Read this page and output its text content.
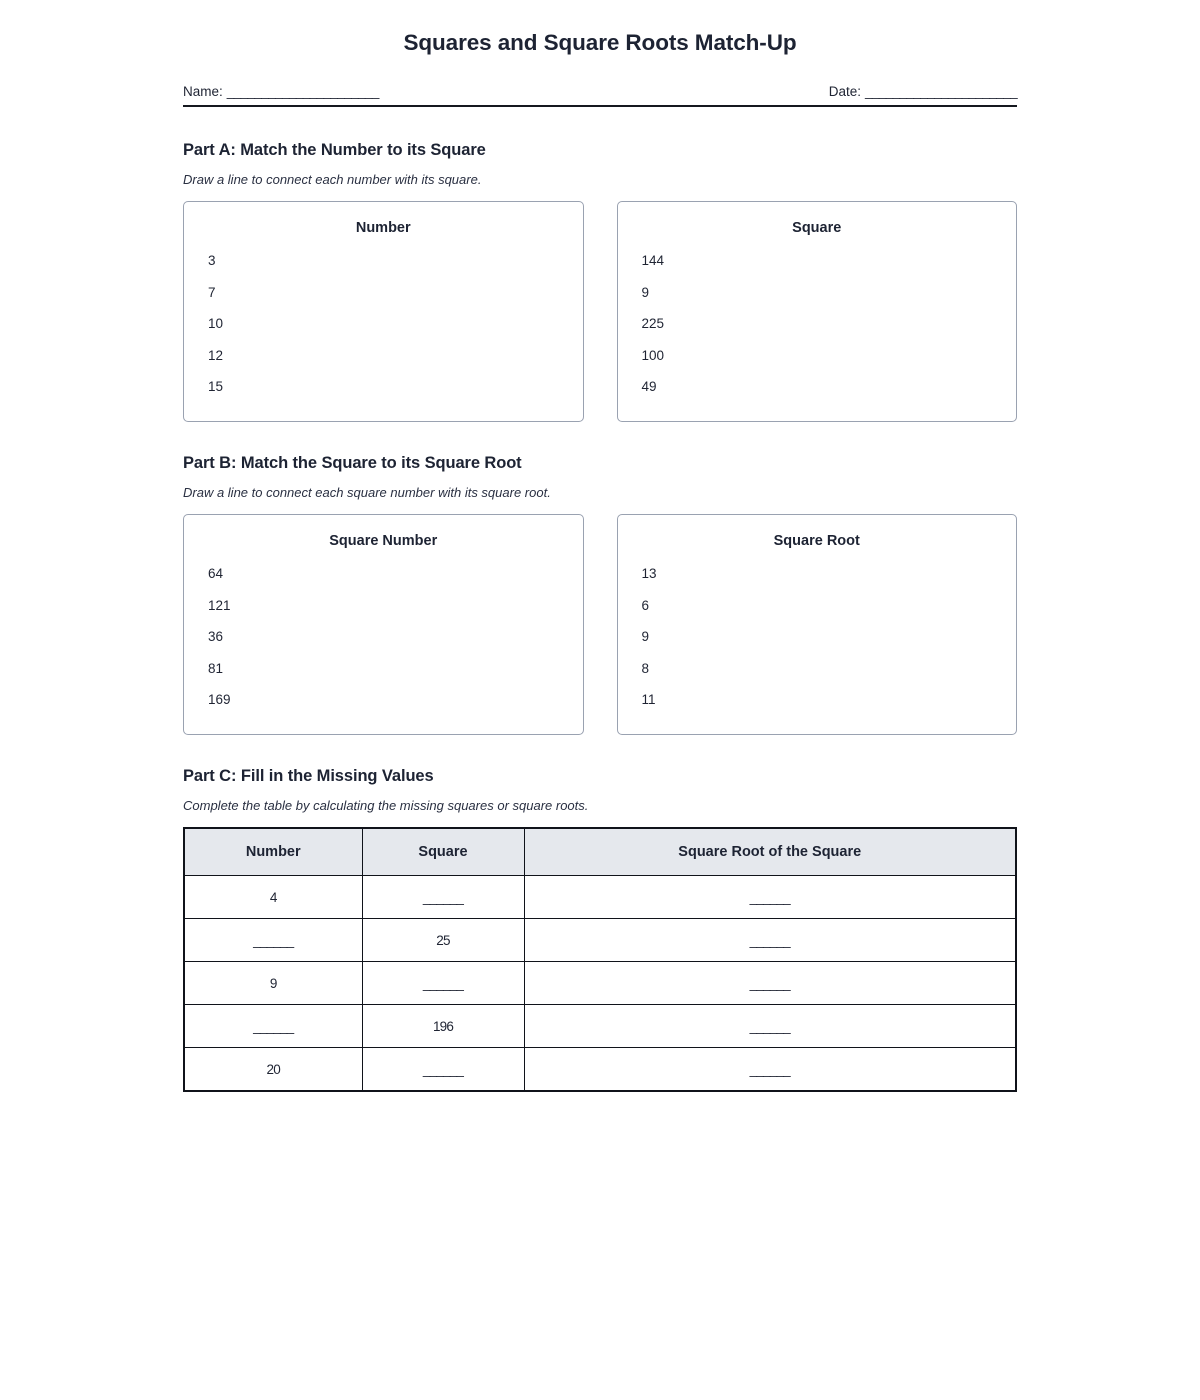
Squares and Square Roots Match-Up
Name: ______________________	Date: ______________________
Part A: Match the Number to its Square

Draw a line to connect each number with its square.

Number
3
7
10
12
15
Square
144
9
225
100
49
Part B: Match the Square to its Square Root

Draw a line to connect each square number with its square root.

Square Number
64
121
36
81
169
Square Root
13
6
9
8
11
Part C: Fill in the Missing Values

Complete the table by calculating the missing squares or square roots.

Number	Square	Square Root of the Square
4	______	______
______	25	______
9	______	______
______	196	______
20	______	______
